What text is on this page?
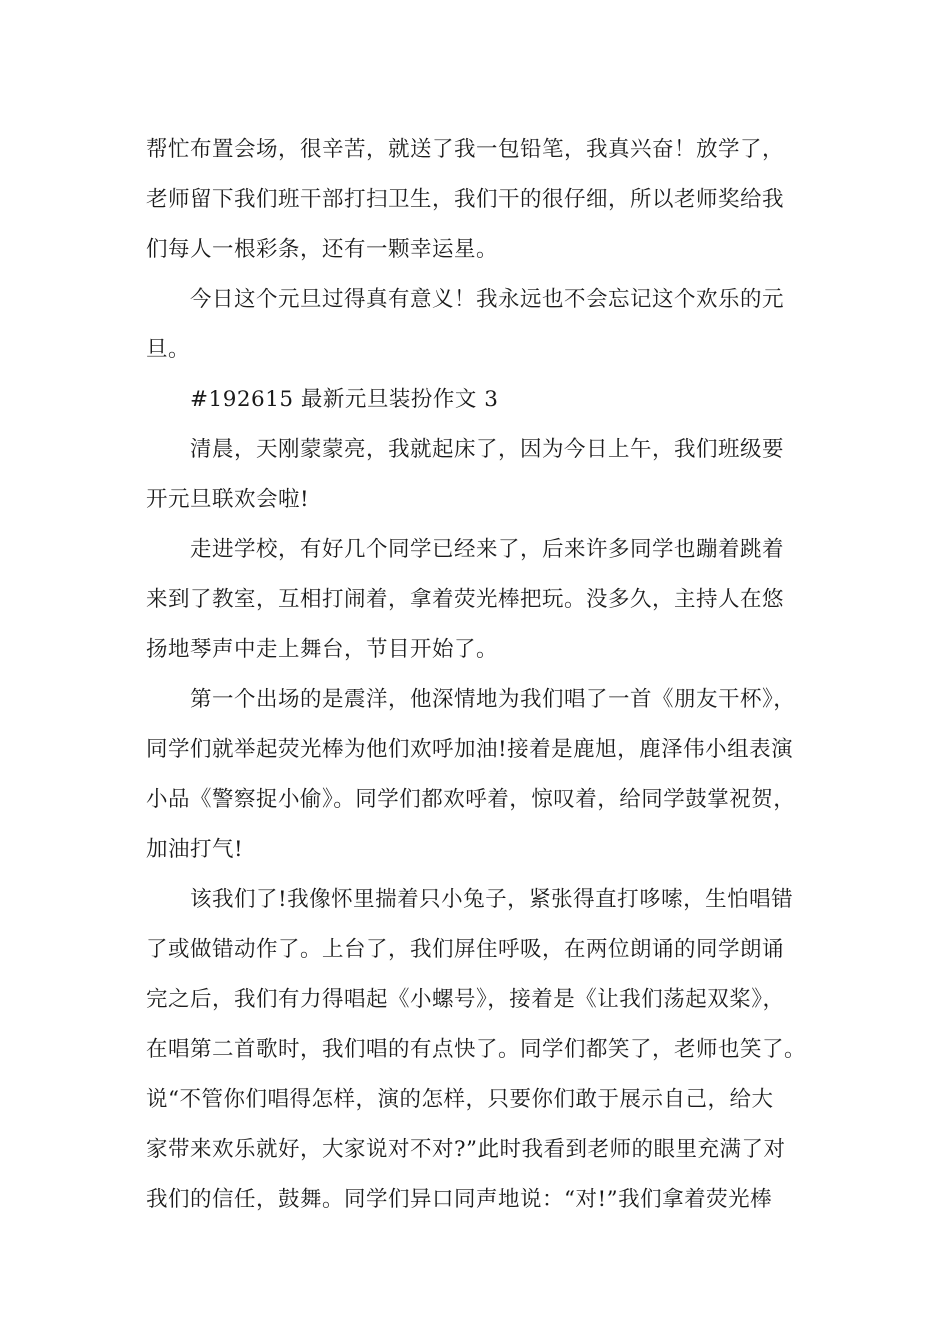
帮忙布置会场，很辛苦，就送了我一包铅笔，我真兴奋！放学了，

老师留下我们班干部打扫卫生，我们干的很仔细，所以老师奖给我

们每人一根彩条，还有一颗幸运星。

今日这个元旦过得真有意义！我永远也不会忘记这个欢乐的元

旦。

#192615 最新元旦装扮作文 3

清晨，天刚蒙蒙亮，我就起床了，因为今日上午，我们班级要

开元旦联欢会啦!

走进学校，有好几个同学已经来了，后来许多同学也蹦着跳着

来到了教室，互相打闹着，拿着荧光棒把玩。没多久，主持人在悠

扬地琴声中走上舞台，节目开始了。

第一个出场的是震洋，他深情地为我们唱了一首《朋友干杯》，

同学们就举起荧光棒为他们欢呼加油!接着是鹿旭，鹿泽伟小组表演

小品《警察捉小偷》。同学们都欢呼着，惊叹着，给同学鼓掌祝贺，

加油打气!

该我们了!我像怀里揣着只小兔子，紧张得直打哆嗦，生怕唱错

了或做错动作了。上台了，我们屏住呼吸，在两位朗诵的同学朗诵

完之后，我们有力得唱起《小螺号》，接着是《让我们荡起双桨》，

在唱第二首歌时，我们唱的有点快了。同学们都笑了，老师也笑了。

说“不管你们唱得怎样，演的怎样，只要你们敢于展示自己，给大

家带来欢乐就好，大家说对不对?”此时我看到老师的眼里充满了对

我们的信任，鼓舞。同学们异口同声地说：“对!”我们拿着荧光棒
